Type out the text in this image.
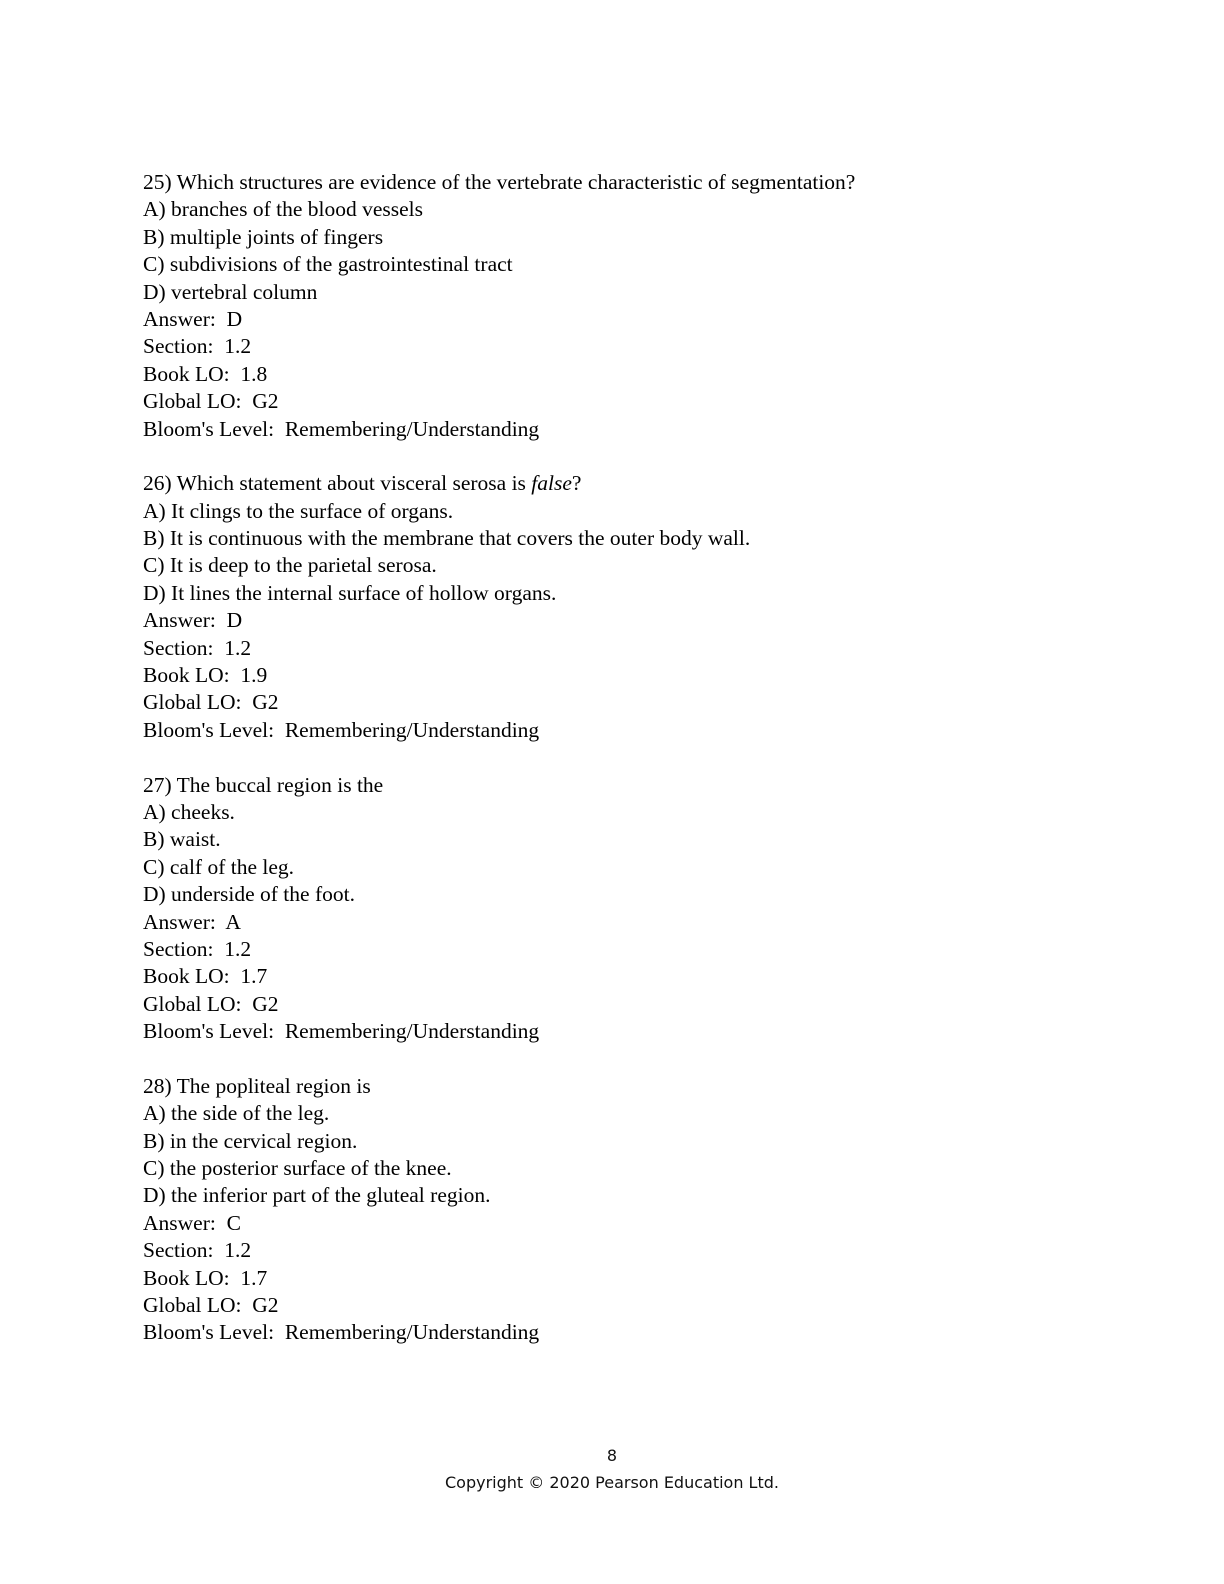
25) Which structures are evidence of the vertebrate characteristic of segmentation?
A) branches of the blood vessels
B) multiple joints of fingers
C) subdivisions of the gastrointestinal tract
D) vertebral column
Answer:  D
Section:  1.2
Book LO:  1.8
Global LO:  G2
Bloom's Level:  Remembering/Understanding
26) Which statement about visceral serosa is false?
A) It clings to the surface of organs.
B) It is continuous with the membrane that covers the outer body wall.
C) It is deep to the parietal serosa.
D) It lines the internal surface of hollow organs.
Answer:  D
Section:  1.2
Book LO:  1.9
Global LO:  G2
Bloom's Level:  Remembering/Understanding
27) The buccal region is the
A) cheeks.
B) waist.
C) calf of the leg.
D) underside of the foot.
Answer:  A
Section:  1.2
Book LO:  1.7
Global LO:  G2
Bloom's Level:  Remembering/Understanding
28) The popliteal region is
A) the side of the leg.
B) in the cervical region.
C) the posterior surface of the knee.
D) the inferior part of the gluteal region.
Answer:  C
Section:  1.2
Book LO:  1.7
Global LO:  G2
Bloom's Level:  Remembering/Understanding
8
Copyright © 2020 Pearson Education Ltd.
